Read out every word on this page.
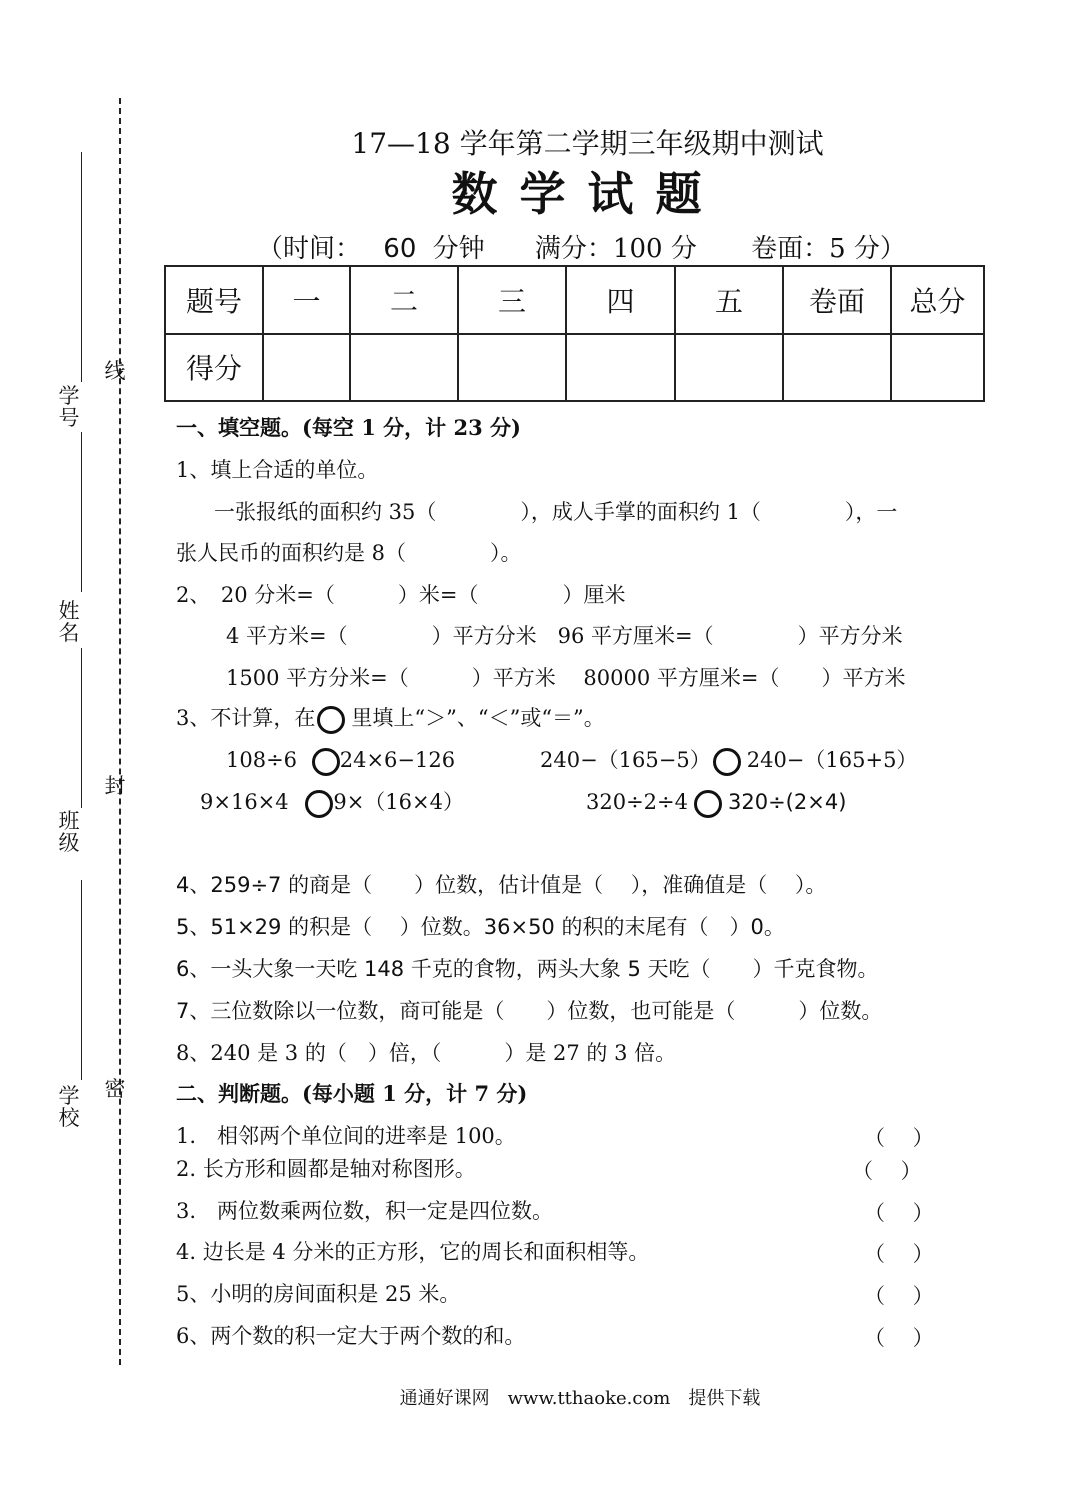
学号
姓名
班级
学校
线
封
密
17—18 学年第二学期三年级期中测试
数学试题
（时间： 60 分钟 满分：100 分 卷面：5 分）
题号	一	二	三	四	五	卷面	总分
得分							
一、填空题。(每空 1 分，计 23 分)
1、填上合适的单位。
一张报纸的面积约 35（　　　　），成人手掌的面积约 1（　　　　），一
张人民币的面积约是 8（　　　　）。
2、　20 分米=（　　　）米=（　　　　）厘米
4 平方米=（　　　　）平方分米　96 平方厘米=（　　　　）平方分米
1500 平方分米=（　　　）平方米　 80000 平方厘米=（　　）平方米
3、不计算，在 里填上“＞”、“＜”或“＝”。
108÷6 24×6−126	240−（165−5） 240−（165+5）
9×16×4 9×（16×4）	320÷2÷4 320÷(2×4)
4、259÷7 的商是（　　）位数，估计值是（　 ），准确值是（　 ）。
5、51×29 的积是（　 ）位数。36×50 的积的末尾有（　）0。
6、一头大象一天吃 148 千克的食物，两头大象 5 天吃（　　）千克食物。
7、三位数除以一位数，商可能是（　　）位数，也可能是（　　　）位数。
8、240 是 3 的（　）倍，（　　　）是 27 的 3 倍。
二、判断题。(每小题 1 分，计 7 分)
1.　相邻两个单位间的进率是 100。	（　 ）
2. 长方形和圆都是轴对称图形。	（　 ）
3.　两位数乘两位数，积一定是四位数。	（　 ）
4. 边长是 4 分米的正方形，它的周长和面积相等。	（　 ）
5、小明的房间面积是 25 米。	（　 ）
6、两个数的积一定大于两个数的和。	（　 ）
通通好课网　www.tthaoke.com　提供下载
